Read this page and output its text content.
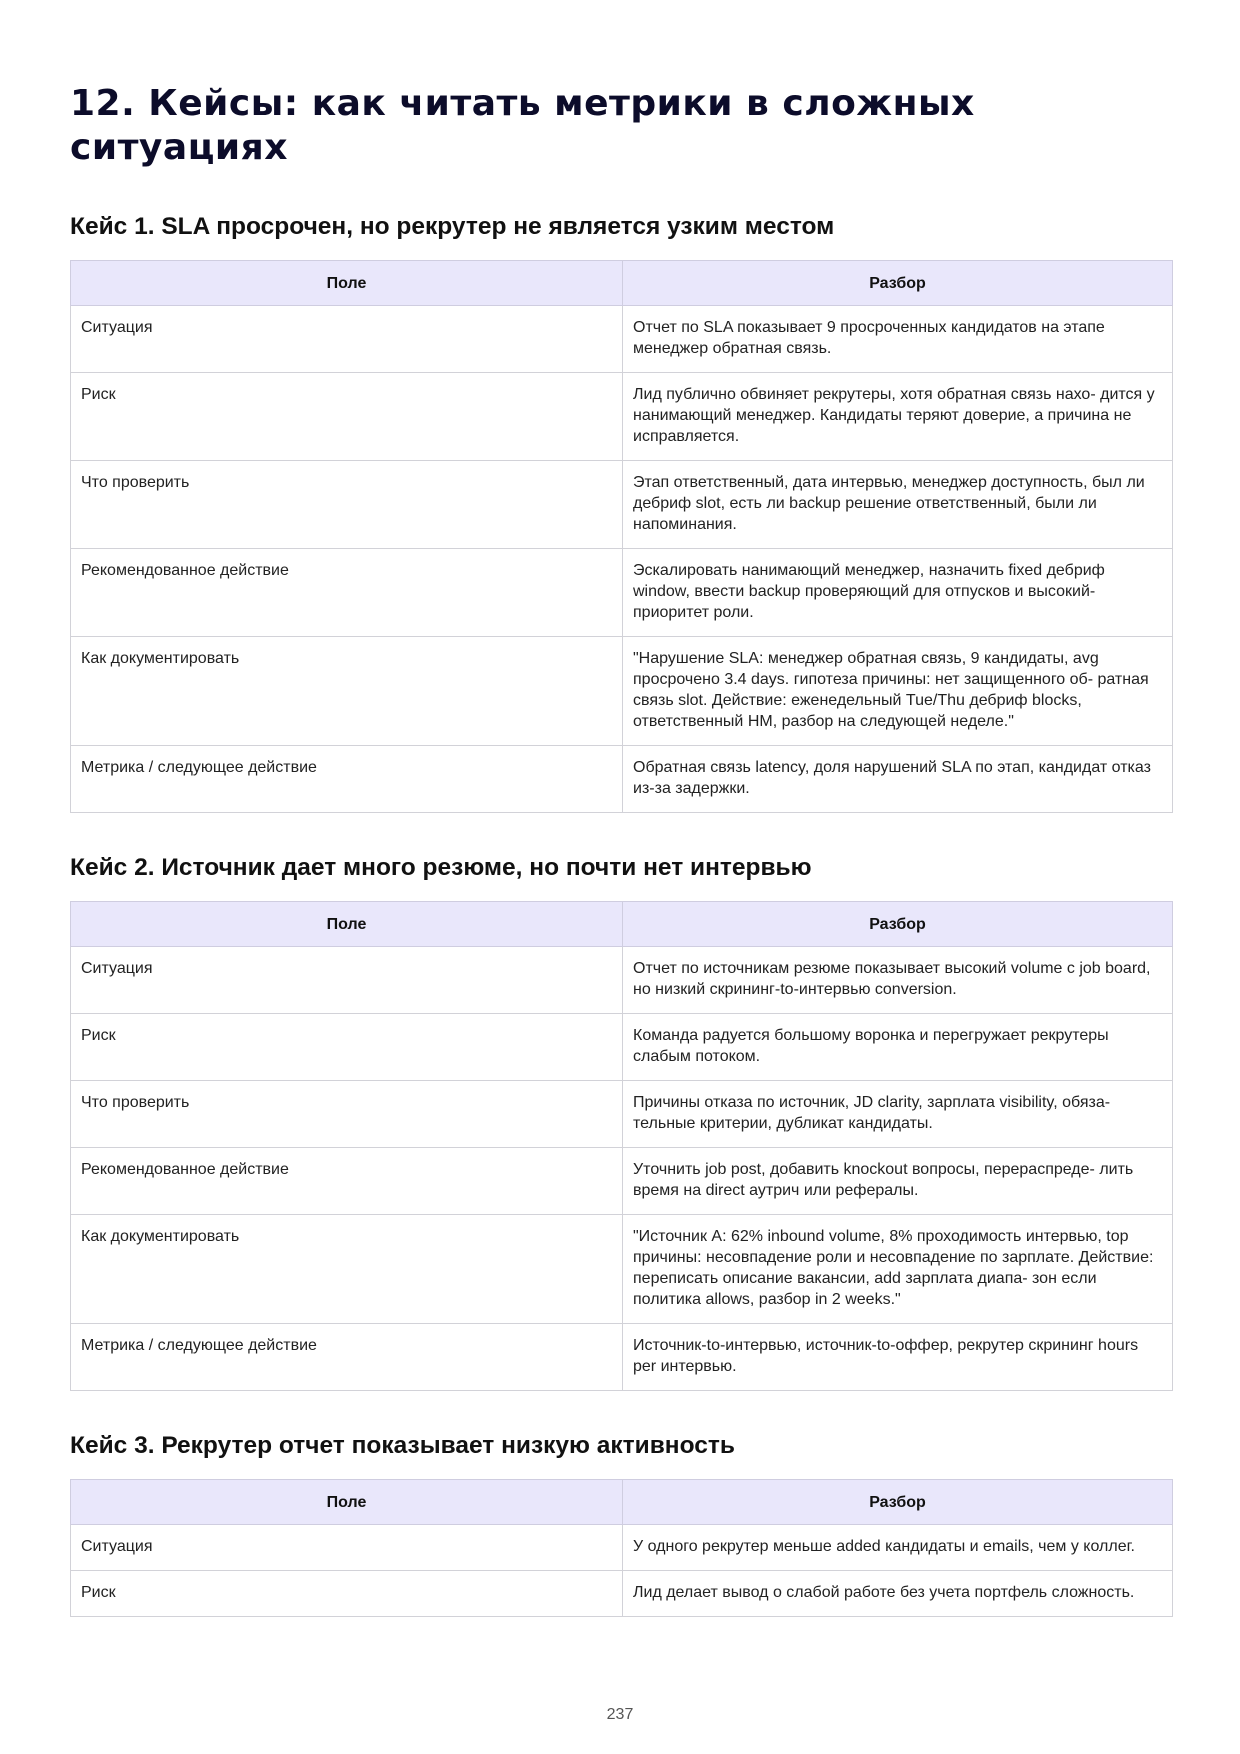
12. Кейсы: как читать метрики в сложных ситуациях
Кейс 1. SLA просрочен, но рекрутер не является узким местом
Поле	Разбор
Ситуация	Отчет по SLA показывает 9 просроченных кандидатов на этапе менеджер обратная связь.
Риск	Лид публично обвиняет рекрутеры, хотя обратная связь нахо- дится у нанимающий менеджер. Кандидаты теряют доверие, а причина не исправляется.
Что проверить	Этап ответственный, дата интервью, менеджер доступность, был ли дебриф slot, есть ли backup решение ответственный, были ли напоминания.
Рекомендованное действие	Эскалировать нанимающий менеджер, назначить fixed дебриф window, ввести backup проверяющий для отпусков и высокий- приоритет роли.
Как документировать	"Нарушение SLA: менеджер обратная связь, 9 кандидаты, avg просрочено 3.4 days. гипотеза причины: нет защищенного об- ратная связь slot. Действие: еженедельный Tue/Thu дебриф blocks, ответственный HM, разбор на следующей неделе."
Метрика / следующее действие	Обратная связь latency, доля нарушений SLA по этап, кандидат отказ из-за задержки.
Кейс 2. Источник дает много резюме, но почти нет интервью
Поле	Разбор
Ситуация	Отчет по источникам резюме показывает высокий volume с job board, но низкий скрининг-to-интервью conversion.
Риск	Команда радуется большому воронка и перегружает рекрутеры слабым потоком.
Что проверить	Причины отказа по источник, JD clarity, зарплата visibility, обяза- тельные критерии, дубликат кандидаты.
Рекомендованное действие	Уточнить job post, добавить knockout вопросы, перераспреде- лить время на direct аутрич или рефералы.
Как документировать	"Источник A: 62% inbound volume, 8% проходимость интервью, top причины: несовпадение роли и несовпадение по зарплате. Действие: переписать описание вакансии, add зарплата диапа- зон если политика allows, разбор in 2 weeks."
Метрика / следующее действие	Источник-to-интервью, источник-to-оффер, рекрутер скрининг hours per интервью.
Кейс 3. Рекрутер отчет показывает низкую активность
Поле	Разбор
Ситуация	У одного рекрутер меньше added кандидаты и emails, чем у коллег.
Риск	Лид делает вывод о слабой работе без учета портфель сложность.
237
